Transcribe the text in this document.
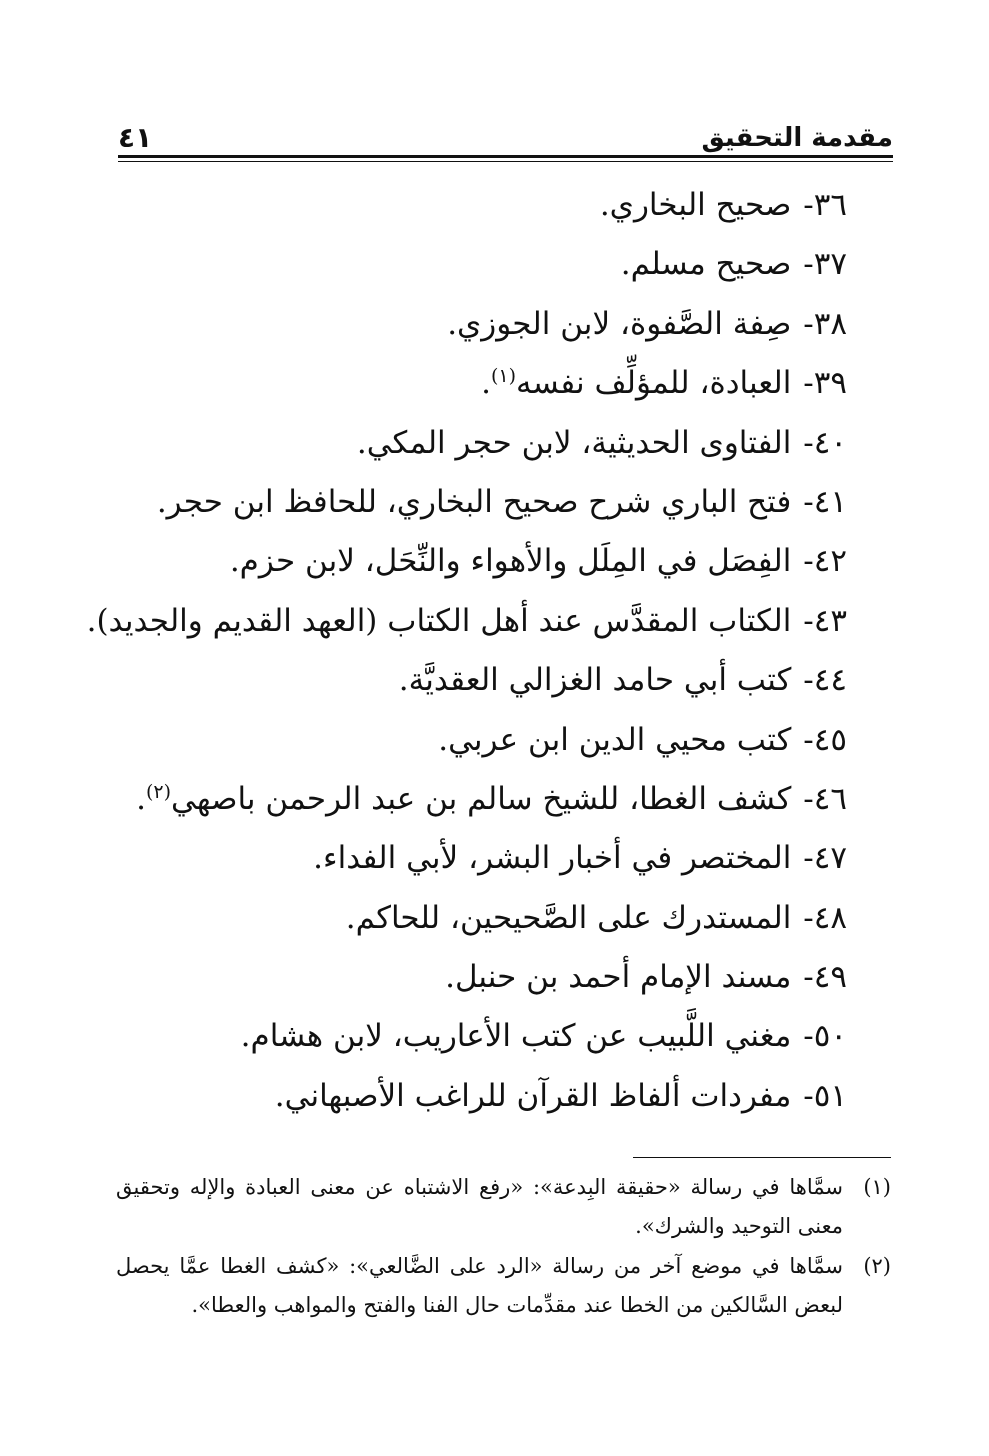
مقدمة التحقيق
٤١
٣٦- صحيح البخاري.
٣٧- صحيح مسلم.
٣٨- صِفة الصَّفوة، لابن الجوزي.
٣٩- العبادة، للمؤلِّف نفسه$^{(١)}$.
٤٠- الفتاوى الحديثية، لابن حجر المكي.
٤١- فتح الباري شرح صحيح البخاري، للحافظ ابن حجر.
٤٢- الفِصَل في المِلَل والأهواء والنِّحَل، لابن حزم.
٤٣- الكتاب المقدَّس عند أهل الكتاب (العهد القديم والجديد).
٤٤- كتب أبي حامد الغزالي العقديَّة.
٤٥- كتب محيي الدين ابن عربي.
٤٦- كشف الغطا، للشيخ سالم بن عبد الرحمن باصهي$^{(٢)}$.
٤٧- المختصر في أخبار البشر، لأبي الفداء.
٤٨- المستدرك على الصَّحيحين، للحاكم.
٤٩- مسند الإمام أحمد بن حنبل.
٥٠- مغني اللَّبيب عن كتب الأعاريب، لابن هشام.
٥١- مفردات ألفاظ القرآن للراغب الأصبهاني.
(١)
سمَّاها في رسالة «حقيقة البِدعة»: «رفع الاشتباه عن معنى العبادة والإله وتحقيق معنى التوحيد والشرك».
(٢)
سمَّاها في موضع آخر من رسالة «الرد على الضَّالعي»: «كشف الغطا عمَّا يحصل لبعض السَّالكين من الخطا عند مقدِّمات حال الفنا والفتح والمواهب والعطا».
